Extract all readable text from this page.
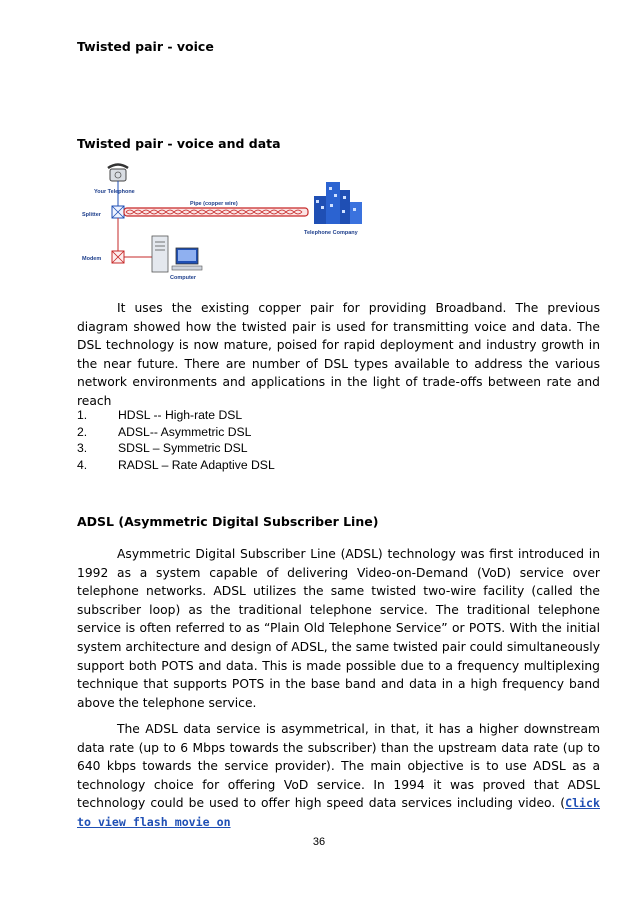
Twisted pair - voice
Twisted pair - voice and data
Your Telephone
Splitter
Pipe (copper wire)
Telephone Company
Modem
Computer

It uses the existing copper pair for providing Broadband. The previous diagram showed how the twisted pair is used for transmitting voice and data. The DSL technology is now mature, poised for rapid deployment and industry growth in the near future. There are number of DSL types available to address the various network environments and applications in the light of trade-offs between rate and reach

1.	HDSL -- High-rate DSL
2.	ADSL-- Asymmetric DSL
3.	SDSL – Symmetric DSL
4.	RADSL – Rate Adaptive DSL
ADSL (Asymmetric Digital Subscriber Line)

Asymmetric Digital Subscriber Line (ADSL) technology was first introduced in 1992 as a system capable of delivering Video-on-Demand (VoD) service over telephone networks. ADSL utilizes the same twisted two-wire facility (called the subscriber loop) as the traditional telephone service. The traditional telephone service is often referred to as “Plain Old Telephone Service” or POTS. With the initial system architecture and design of ADSL, the same twisted pair could simultaneously support both POTS and data. This is made possible due to a frequency multiplexing technique that supports POTS in the base band and data in a high frequency band above the telephone service.

The ADSL data service is asymmetrical, in that, it has a higher downstream data rate (up to 6 Mbps towards the subscriber) than the upstream data rate (up to 640 kbps towards the service provider). The main objective is to use ADSL as a technology choice for offering VoD service. In 1994 it was proved that ADSL technology could be used to offer high speed data services including video. (Click to view flash movie on

36
